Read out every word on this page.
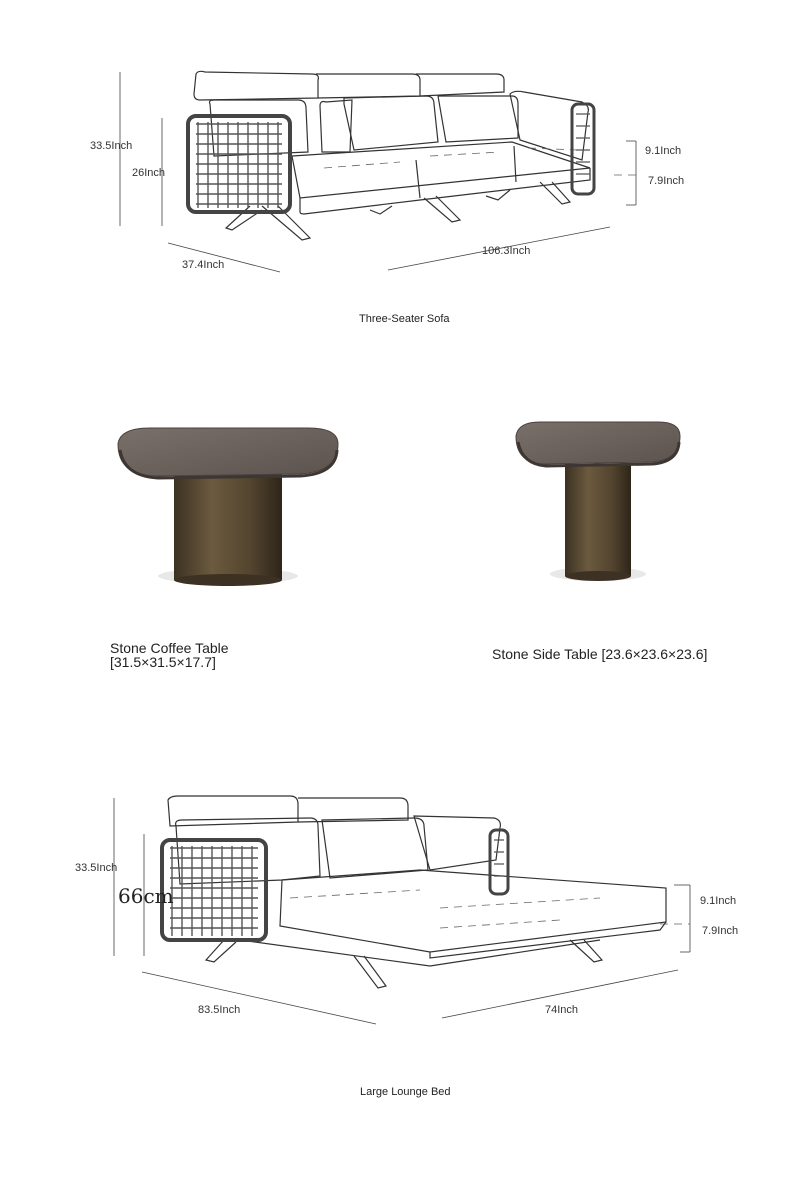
33.5Inch
26Inch
37.4Inch
106.3Inch
9.1Inch
7.9Inch
Three-Seater Sofa
Stone Coffee Table
[31.5×31.5×17.7]	Stone Side Table [23.6×23.6×23.6]
33.5Inch
66cm
83.5Inch	74Inch
9.1Inch
7.9Inch
Large Lounge Bed
